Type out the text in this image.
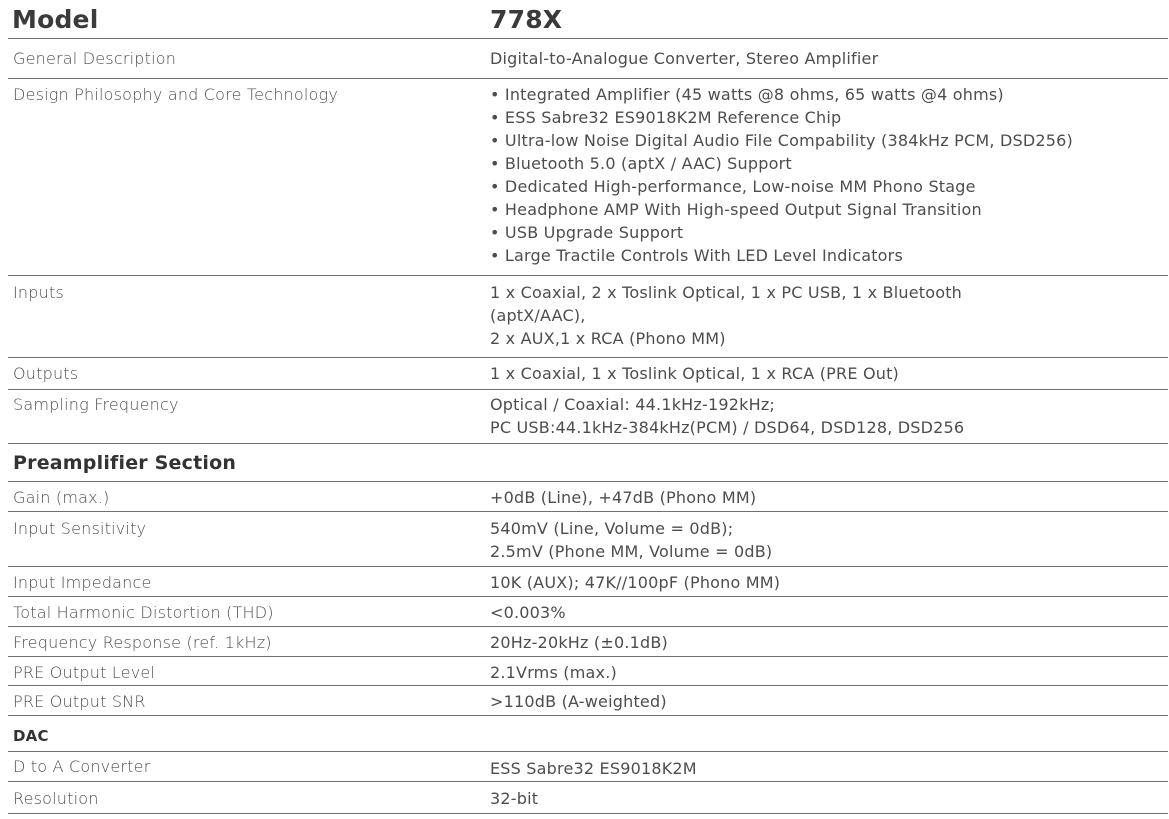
Model	778X
General Description	Digital-to-Analogue Converter, Stereo Amplifier
Design Philosophy and Core Technology	• Integrated Amplifier (45 watts @8 ohms, 65 watts @4 ohms)
• ESS Sabre32 ES9018K2M Reference Chip
• Ultra-low Noise Digital Audio File Compability (384kHz PCM, DSD256)
• Bluetooth 5.0 (aptX / AAC) Support
• Dedicated High-performance, Low-noise MM Phono Stage
• Headphone AMP With High-speed Output Signal Transition
• USB Upgrade Support
• Large Tractile Controls With LED Level Indicators
Inputs	1 x Coaxial, 2 x Toslink Optical, 1 x PC USB, 1 x Bluetooth
(aptX/AAC),
2 x AUX,1 x RCA (Phono MM)
Outputs	1 x Coaxial, 1 x Toslink Optical, 1 x RCA (PRE Out)
Sampling Frequency	Optical / Coaxial: 44.1kHz-192kHz;
PC USB:44.1kHz-384kHz(PCM) / DSD64, DSD128, DSD256
Preamplifier Section
Gain (max.)	+0dB (Line), +47dB (Phono MM)
Input Sensitivity	540mV (Line, Volume = 0dB);
2.5mV (Phone MM, Volume = 0dB)
Input Impedance	10K (AUX); 47K//100pF (Phono MM)
Total Harmonic Distortion (THD)	<0.003%
Frequency Response (ref. 1kHz)	20Hz-20kHz (±0.1dB)
PRE Output Level	2.1Vrms (max.)
PRE Output SNR	>110dB (A-weighted)
DAC
D to A Converter	ESS Sabre32 ES9018K2M
Resolution	32-bit
